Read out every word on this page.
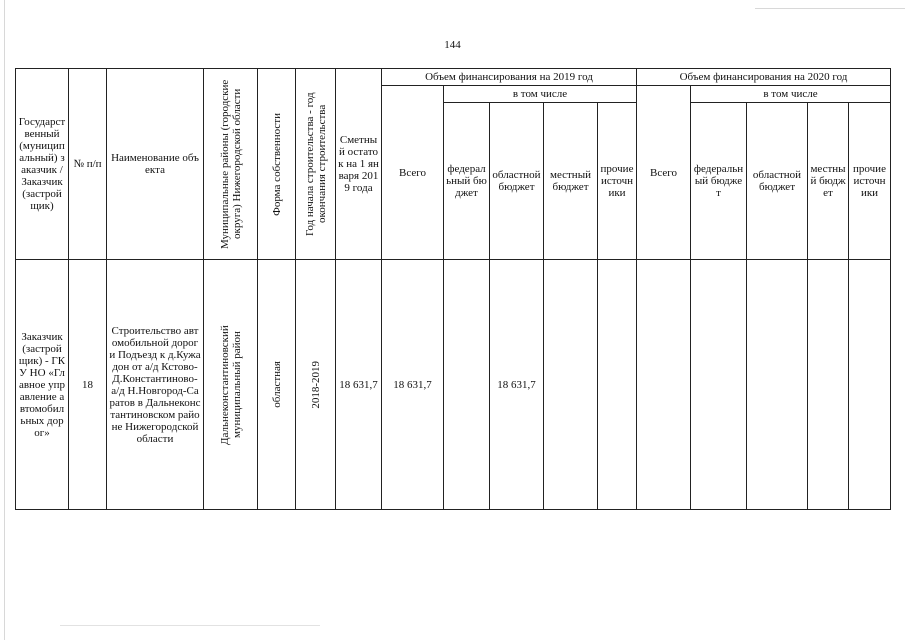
144
Государственный (муниципальный) заказчик / Заказчик (застройщик)	№ п/п	Наименование объекта	Муниципальные районы (городские округа) Нижегородской области	Форма собственности	Год начала строительства - год окончания строительства	Сметный остаток на 1 января 2019 года	Объем финансирования на 2019 год					Объем финансирования на 2020 год				
							Всего	в том числе				Всего	в том числе			
								федеральный бюджет	областной бюджет	местный бюджет	прочие источники		федеральный бюджет	областной бюджет	местный бюджет	прочие источники
Заказчик (застройщик) - ГКУ НО «Главное управление автомобильных дорог»	18	Строительство автомобильной дороги Подъезд к д.Кужадон от а/д Кстово-Д.Константиново-а/д Н.Новгород-Саратов в Дальнеконстантиновском районе Нижегородской области	Дальнеконстантиновский муниципальный район	областная	2018-2019	18 631,7	18 631,7		18 631,7							
